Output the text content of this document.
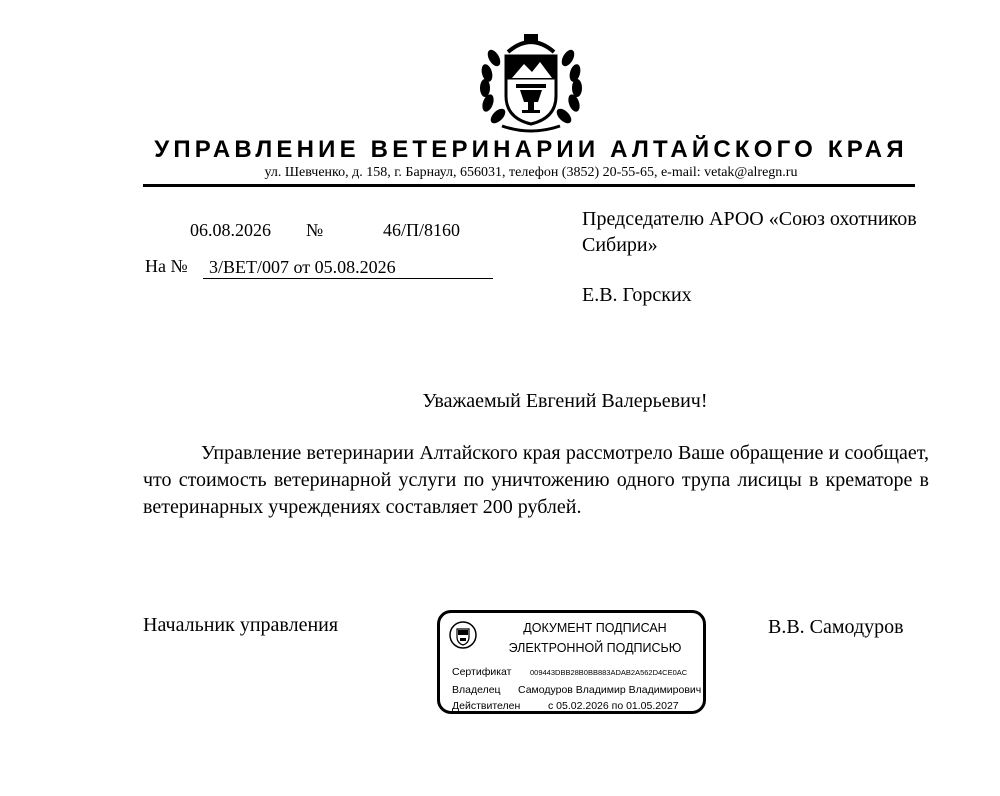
УПРАВЛЕНИЕ ВЕТЕРИНАРИИ АЛТАЙСКОГО КРАЯ
ул. Шевченко, д. 158, г. Барнаул, 656031, телефон (3852) 20-55-65, e-mail: vetak@alregn.ru
06.08.2026 №	46/П/8160
На №	3/ВЕТ/007 от 05.08.2026
Председателю АРОО «Союз охотников Сибири»
Е.В. Горских
Уважаемый Евгений Валерьевич!
Управление ветеринарии Алтайского края рассмотрело Ваше обращение и сообщает, что стоимость ветеринарной услуги по уничтожению одного трупа лисицы в крематоре в ветеринарных учреждениях составляет 200 рублей.
Начальник управления	В.В. Самодуров
ДОКУМЕНТ ПОДПИСАН
ЭЛЕКТРОННОЙ ПОДПИСЬЮ
Сертификат 009443DBB28B0BB883ADAB2A562D4CE0AC
Владелец Самодуров Владимир Владимирович
Действителен	с 05.02.2026 по 01.05.2027
